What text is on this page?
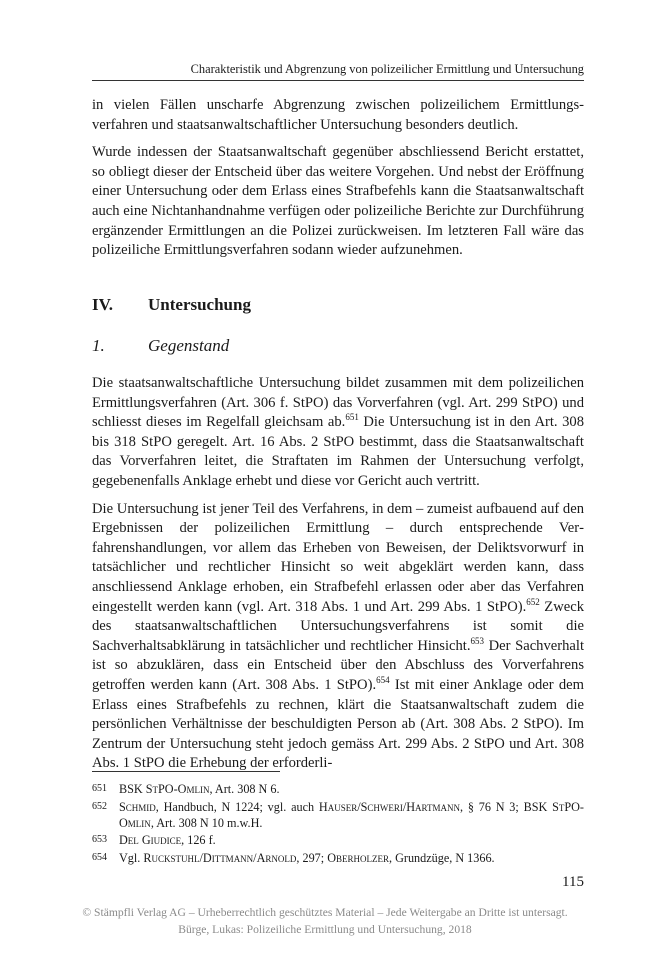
Charakteristik und Abgrenzung von polizeilicher Ermittlung und Untersuchung

in vielen Fällen unscharfe Abgrenzung zwischen polizeilichem Ermittlungsverfahren und staatsanwaltschaftlicher Untersuchung besonders deutlich.

Wurde indessen der Staatsanwaltschaft gegenüber abschliessend Bericht erstattet, so obliegt dieser der Entscheid über das weitere Vorgehen. Und nebst der Eröffnung einer Untersuchung oder dem Erlass eines Strafbefehls kann die Staatsanwaltschaft auch eine Nichtanhandnahme verfügen oder polizeiliche Berichte zur Durchführung ergänzender Ermittlungen an die Polizei zurückweisen. Im letzteren Fall wäre das polizeiliche Ermittlungsverfahren sodann wieder aufzunehmen.

IV. Untersuchung
1.	Gegenstand

Die staatsanwaltschaftliche Untersuchung bildet zusammen mit dem polizeilichen Ermittlungsverfahren (Art. 306 f. StPO) das Vorverfahren (vgl. Art. 299 StPO) und schliesst dieses im Regelfall gleichsam ab.$^{651}$ Die Untersuchung ist in den Art. 308 bis 318 StPO geregelt. Art. 16 Abs. 2 StPO bestimmt, dass die Staatsanwaltschaft das Vorverfahren leitet, die Straftaten im Rahmen der Untersuchung verfolgt, gegebenenfalls Anklage erhebt und diese vor Gericht auch vertritt.

Die Untersuchung ist jener Teil des Verfahrens, in dem – zumeist aufbauend auf den Ergebnissen der polizeilichen Ermittlung – durch entsprechende Verfahrenshandlungen, vor allem das Erheben von Beweisen, der Deliktsvorwurf in tatsächlicher und rechtlicher Hinsicht so weit abgeklärt werden kann, dass anschliessend Anklage erhoben, ein Strafbefehl erlassen oder aber das Verfahren eingestellt werden kann (vgl. Art. 318 Abs. 1 und Art. 299 Abs. 1 StPO).$^{652}$ Zweck des staatsanwaltschaftlichen Untersuchungsverfahrens ist somit die Sachverhaltsabklärung in tatsächlicher und rechtlicher Hinsicht.$^{653}$ Der Sachverhalt ist so abzuklären, dass ein Entscheid über den Abschluss des Vorverfahrens getroffen werden kann (Art. 308 Abs. 1 StPO).$^{654}$ Ist mit einer Anklage oder dem Erlass eines Strafbefehls zu rechnen, klärt die Staatsanwaltschaft zudem die persönlichen Verhältnisse der beschuldigten Person ab (Art. 308 Abs. 2 StPO). Im Zentrum der Untersuchung steht jedoch gemäss Art. 299 Abs. 2 StPO und Art. 308 Abs. 1 StPO die Erhebung der erforderli-

651 BSK StPO-Omlin, Art. 308 N 6.
652 Schmid, Handbuch, N 1224; vgl. auch Hauser/Schweri/Hartmann, § 76 N 3; BSK StPO-Omlin, Art. 308 N 10 m.w.H.
653 Del Giudice, 126 f.
654 Vgl. Ruckstuhl/Dittmann/Arnold, 297; Oberholzer, Grundzüge, N 1366.
115
© Stämpfli Verlag AG – Urheberrechtlich geschütztes Material – Jede Weitergabe an Dritte ist untersagt.
Bürge, Lukas: Polizeiliche Ermittlung und Untersuchung, 2018
